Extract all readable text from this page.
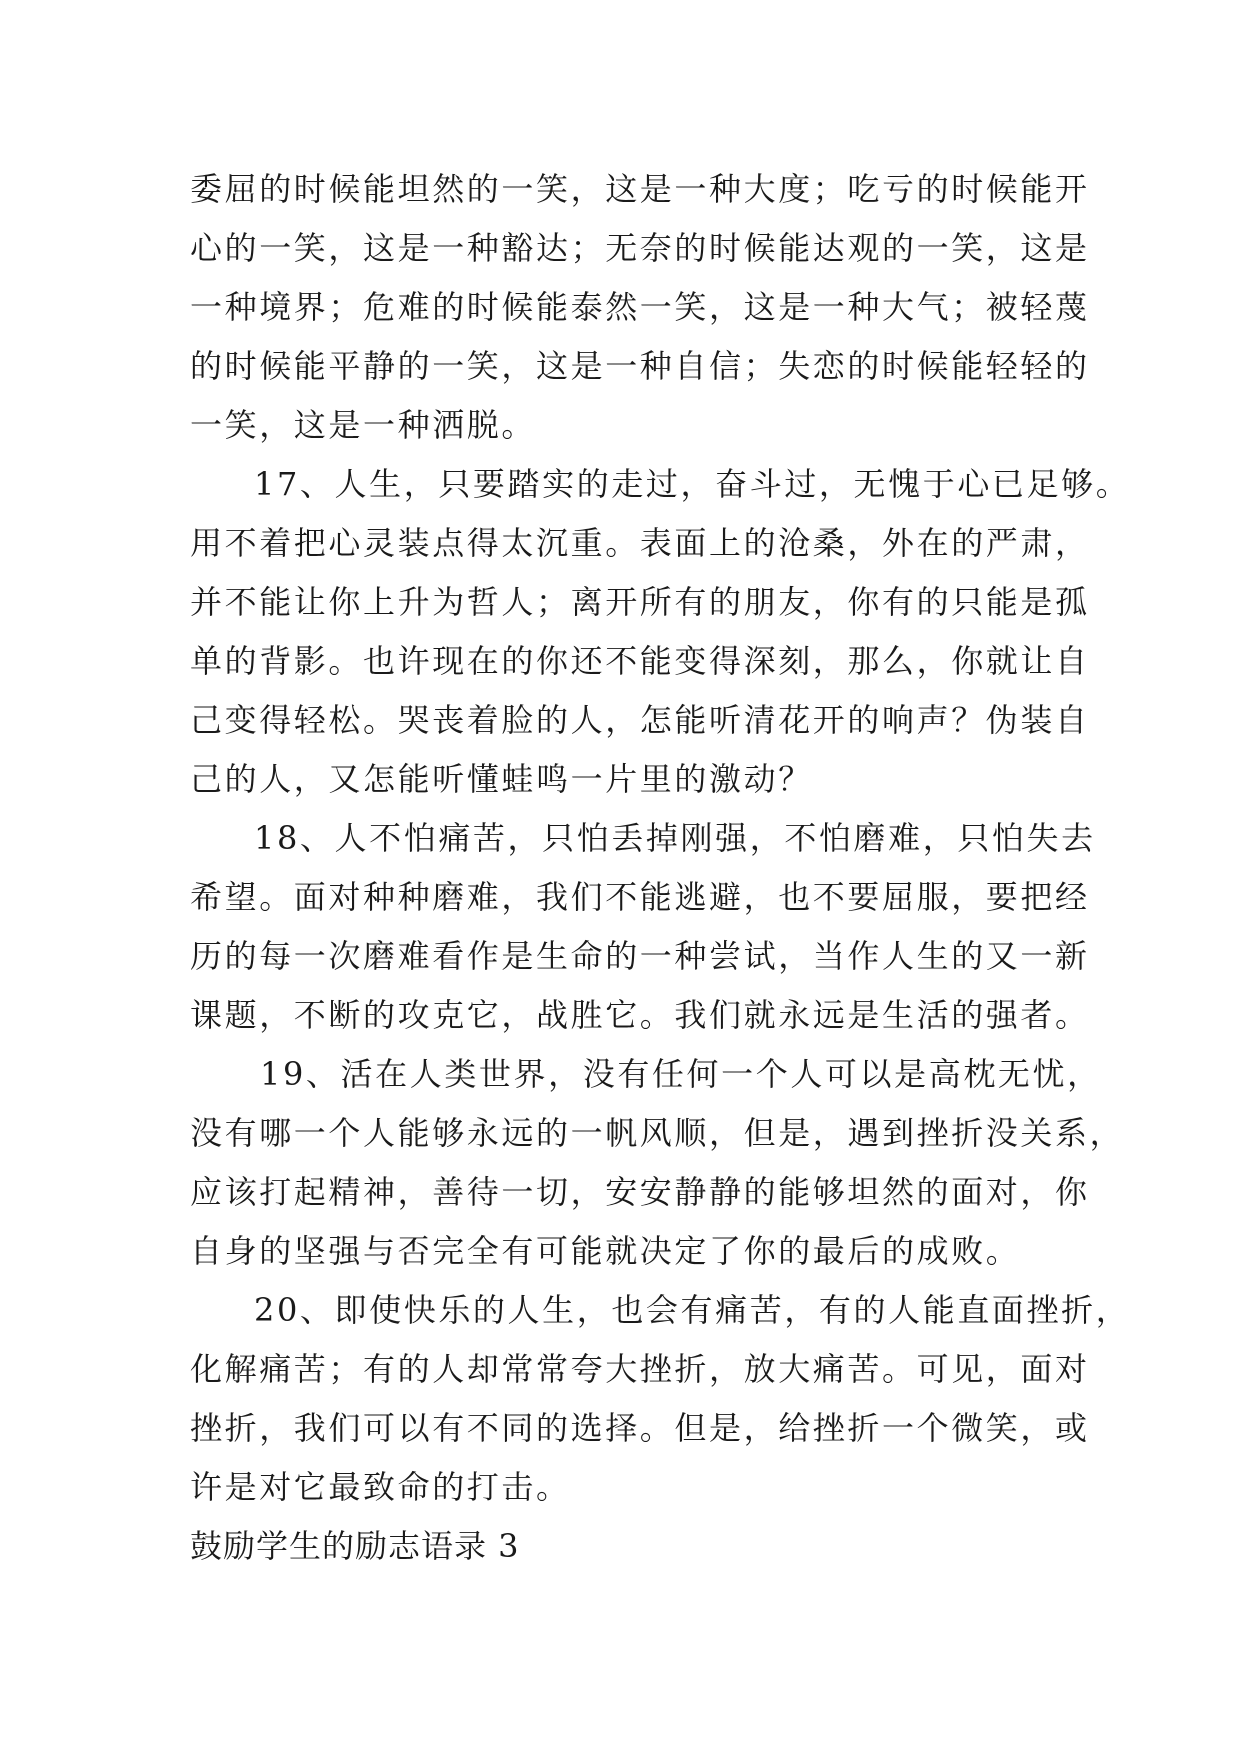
委屈的时候能坦然的一笑，这是一种大度；吃亏的时候能开
心的一笑，这是一种豁达；无奈的时候能达观的一笑，这是
一种境界；危难的时候能泰然一笑，这是一种大气；被轻蔑
的时候能平静的一笑，这是一种自信；失恋的时候能轻轻的
一笑，这是一种洒脱。
17、人生，只要踏实的走过，奋斗过，无愧于心已足够。
用不着把心灵装点得太沉重。表面上的沧桑，外在的严肃，
并不能让你上升为哲人；离开所有的朋友，你有的只能是孤
单的背影。也许现在的你还不能变得深刻，那么，你就让自
己变得轻松。哭丧着脸的人，怎能听清花开的响声？伪装自
己的人，又怎能听懂蛙鸣一片里的激动？
18、人不怕痛苦，只怕丢掉刚强，不怕磨难，只怕失去
希望。面对种种磨难，我们不能逃避，也不要屈服，要把经
历的每一次磨难看作是生命的一种尝试，当作人生的又一新
课题，不断的攻克它，战胜它。我们就永远是生活的强者。
19、活在人类世界，没有任何一个人可以是高枕无忧，
没有哪一个人能够永远的一帆风顺，但是，遇到挫折没关系，
应该打起精神，善待一切，安安静静的能够坦然的面对，你
自身的坚强与否完全有可能就决定了你的最后的成败。
20、即使快乐的人生，也会有痛苦，有的人能直面挫折，
化解痛苦；有的人却常常夸大挫折，放大痛苦。可见，面对
挫折，我们可以有不同的选择。但是，给挫折一个微笑，或
许是对它最致命的打击。
鼓励学生的励志语录 3
